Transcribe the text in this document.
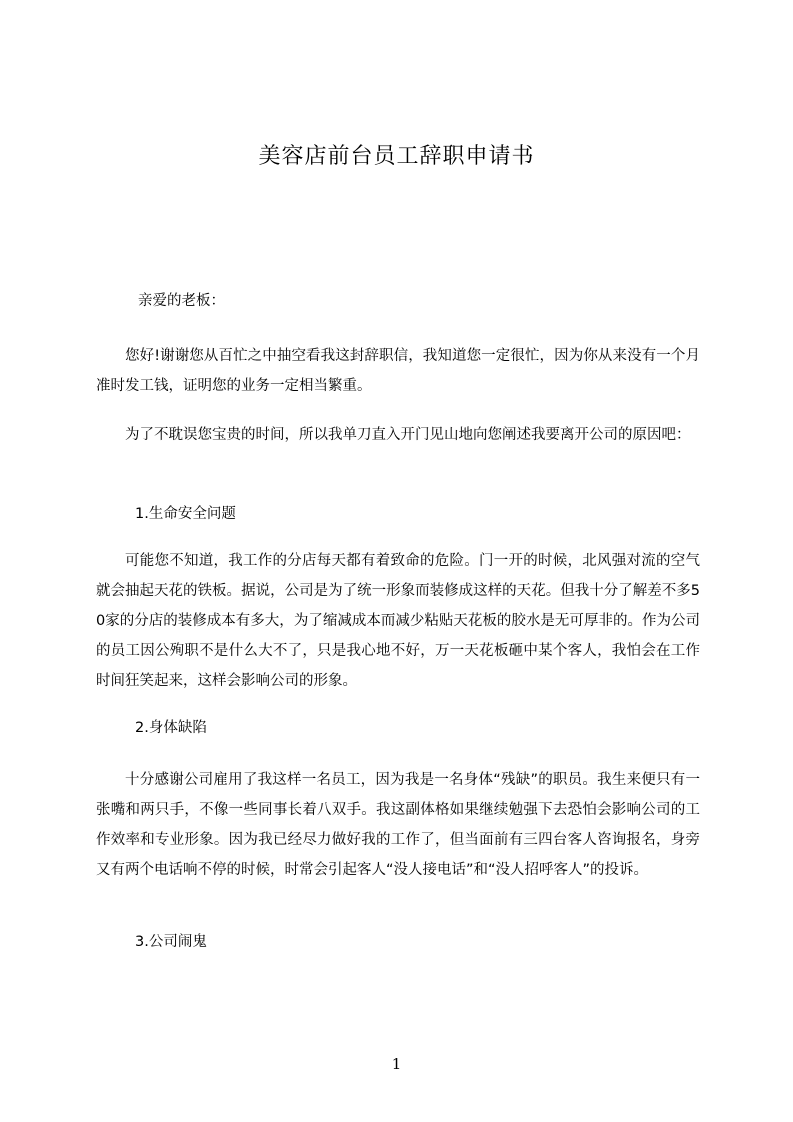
美容店前台员工辞职申请书

亲爱的老板：

您好!谢谢您从百忙之中抽空看我这封辞职信，我知道您一定很忙，因为你从来没有一个月准时发工钱，证明您的业务一定相当繁重。

为了不耽误您宝贵的时间，所以我单刀直入开门见山地向您阐述我要离开公司的原因吧：

1.生命安全问题

可能您不知道，我工作的分店每天都有着致命的危险。门一开的时候，北风强对流的空气就会抽起天花的铁板。据说，公司是为了统一形象而装修成这样的天花。但我十分了解差不多50家的分店的装修成本有多大，为了缩减成本而减少粘贴天花板的胶水是无可厚非的。作为公司的员工因公殉职不是什么大不了，只是我心地不好，万一天花板砸中某个客人，我怕会在工作时间狂笑起来，这样会影响公司的形象。

2.身体缺陷

十分感谢公司雇用了我这样一名员工，因为我是一名身体“残缺”的职员。我生来便只有一张嘴和两只手，不像一些同事长着八双手。我这副体格如果继续勉强下去恐怕会影响公司的工作效率和专业形象。因为我已经尽力做好我的工作了，但当面前有三四台客人咨询报名，身旁又有两个电话响不停的时候，时常会引起客人“没人接电话”和“没人招呼客人”的投诉。

3.公司闹鬼

1
